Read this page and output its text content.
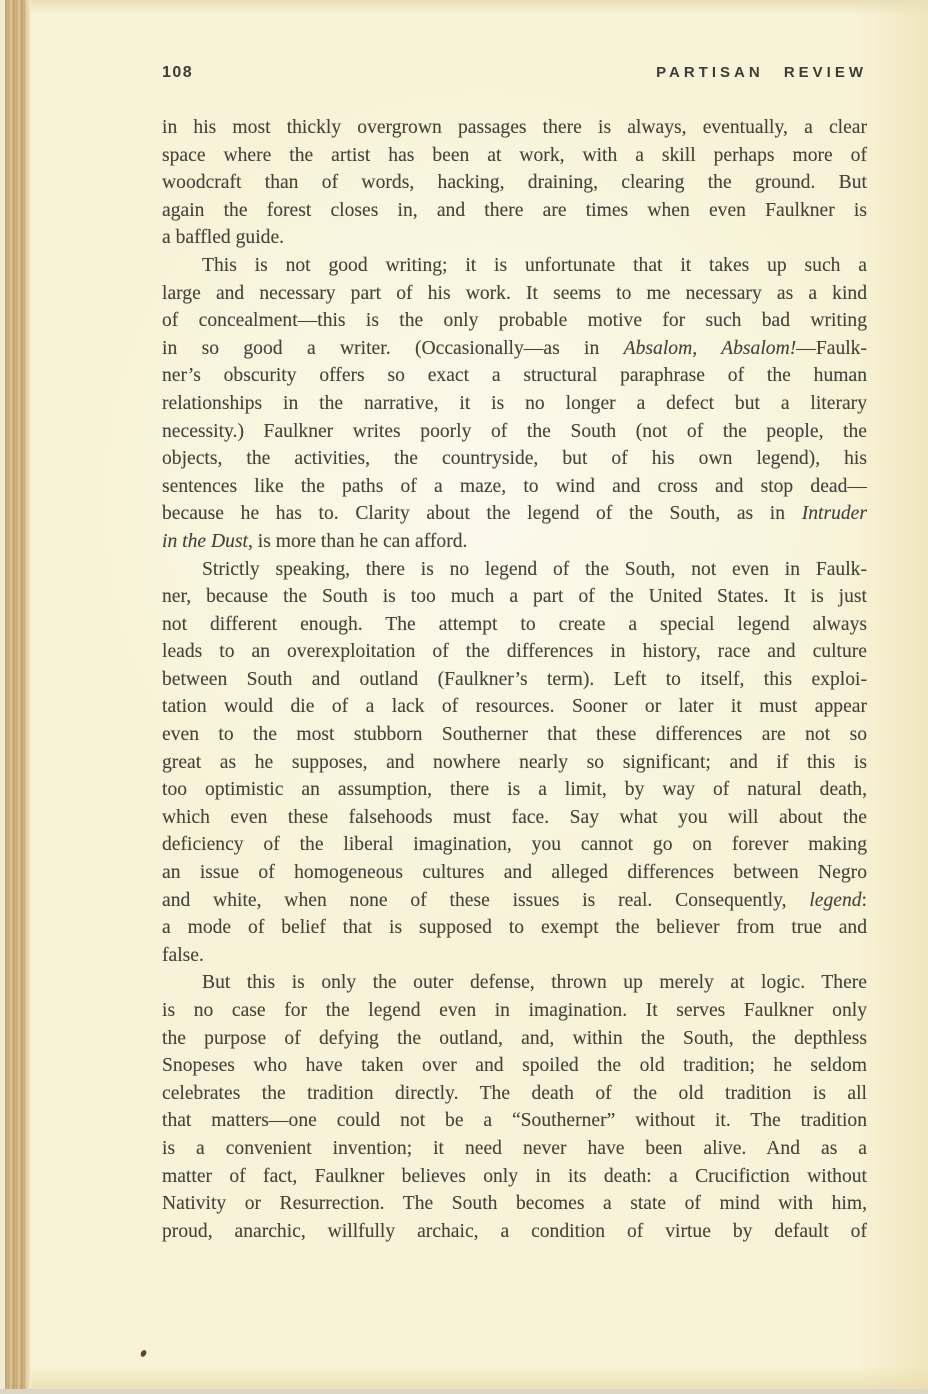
108	PARTISAN REVIEW
in his most thickly overgrown passages there is always, eventually, a clear
space where the artist has been at work, with a skill perhaps more of
woodcraft than of words, hacking, draining, clearing the ground. But
again the forest closes in, and there are times when even Faulkner is
a baffled guide.
This is not good writing; it is unfortunate that it takes up such a
large and necessary part of his work. It seems to me necessary as a kind
of concealment—this is the only probable motive for such bad writing
in so good a writer. (Occasionally—as in Absalom, Absalom!—Faulk-
ner’s obscurity offers so exact a structural paraphrase of the human
relationships in the narrative, it is no longer a defect but a literary
necessity.) Faulkner writes poorly of the South (not of the people, the
objects, the activities, the countryside, but of his own legend), his
sentences like the paths of a maze, to wind and cross and stop dead—
because he has to. Clarity about the legend of the South, as in Intruder
in the Dust, is more than he can afford.
Strictly speaking, there is no legend of the South, not even in Faulk-
ner, because the South is too much a part of the United States. It is just
not different enough. The attempt to create a special legend always
leads to an overexploitation of the differences in history, race and culture
between South and outland (Faulkner’s term). Left to itself, this exploi-
tation would die of a lack of resources. Sooner or later it must appear
even to the most stubborn Southerner that these differences are not so
great as he supposes, and nowhere nearly so significant; and if this is
too optimistic an assumption, there is a limit, by way of natural death,
which even these falsehoods must face. Say what you will about the
deficiency of the liberal imagination, you cannot go on forever making
an issue of homogeneous cultures and alleged differences between Negro
and white, when none of these issues is real. Consequently, legend:
a mode of belief that is supposed to exempt the believer from true and
false.
But this is only the outer defense, thrown up merely at logic. There
is no case for the legend even in imagination. It serves Faulkner only
the purpose of defying the outland, and, within the South, the depthless
Snopeses who have taken over and spoiled the old tradition; he seldom
celebrates the tradition directly. The death of the old tradition is all
that matters—one could not be a “Southerner” without it. The tradition
is a convenient invention; it need never have been alive. And as a
matter of fact, Faulkner believes only in its death: a Crucifiction without
Nativity or Resurrection. The South becomes a state of mind with him,
proud, anarchic, willfully archaic, a condition of virtue by default of
